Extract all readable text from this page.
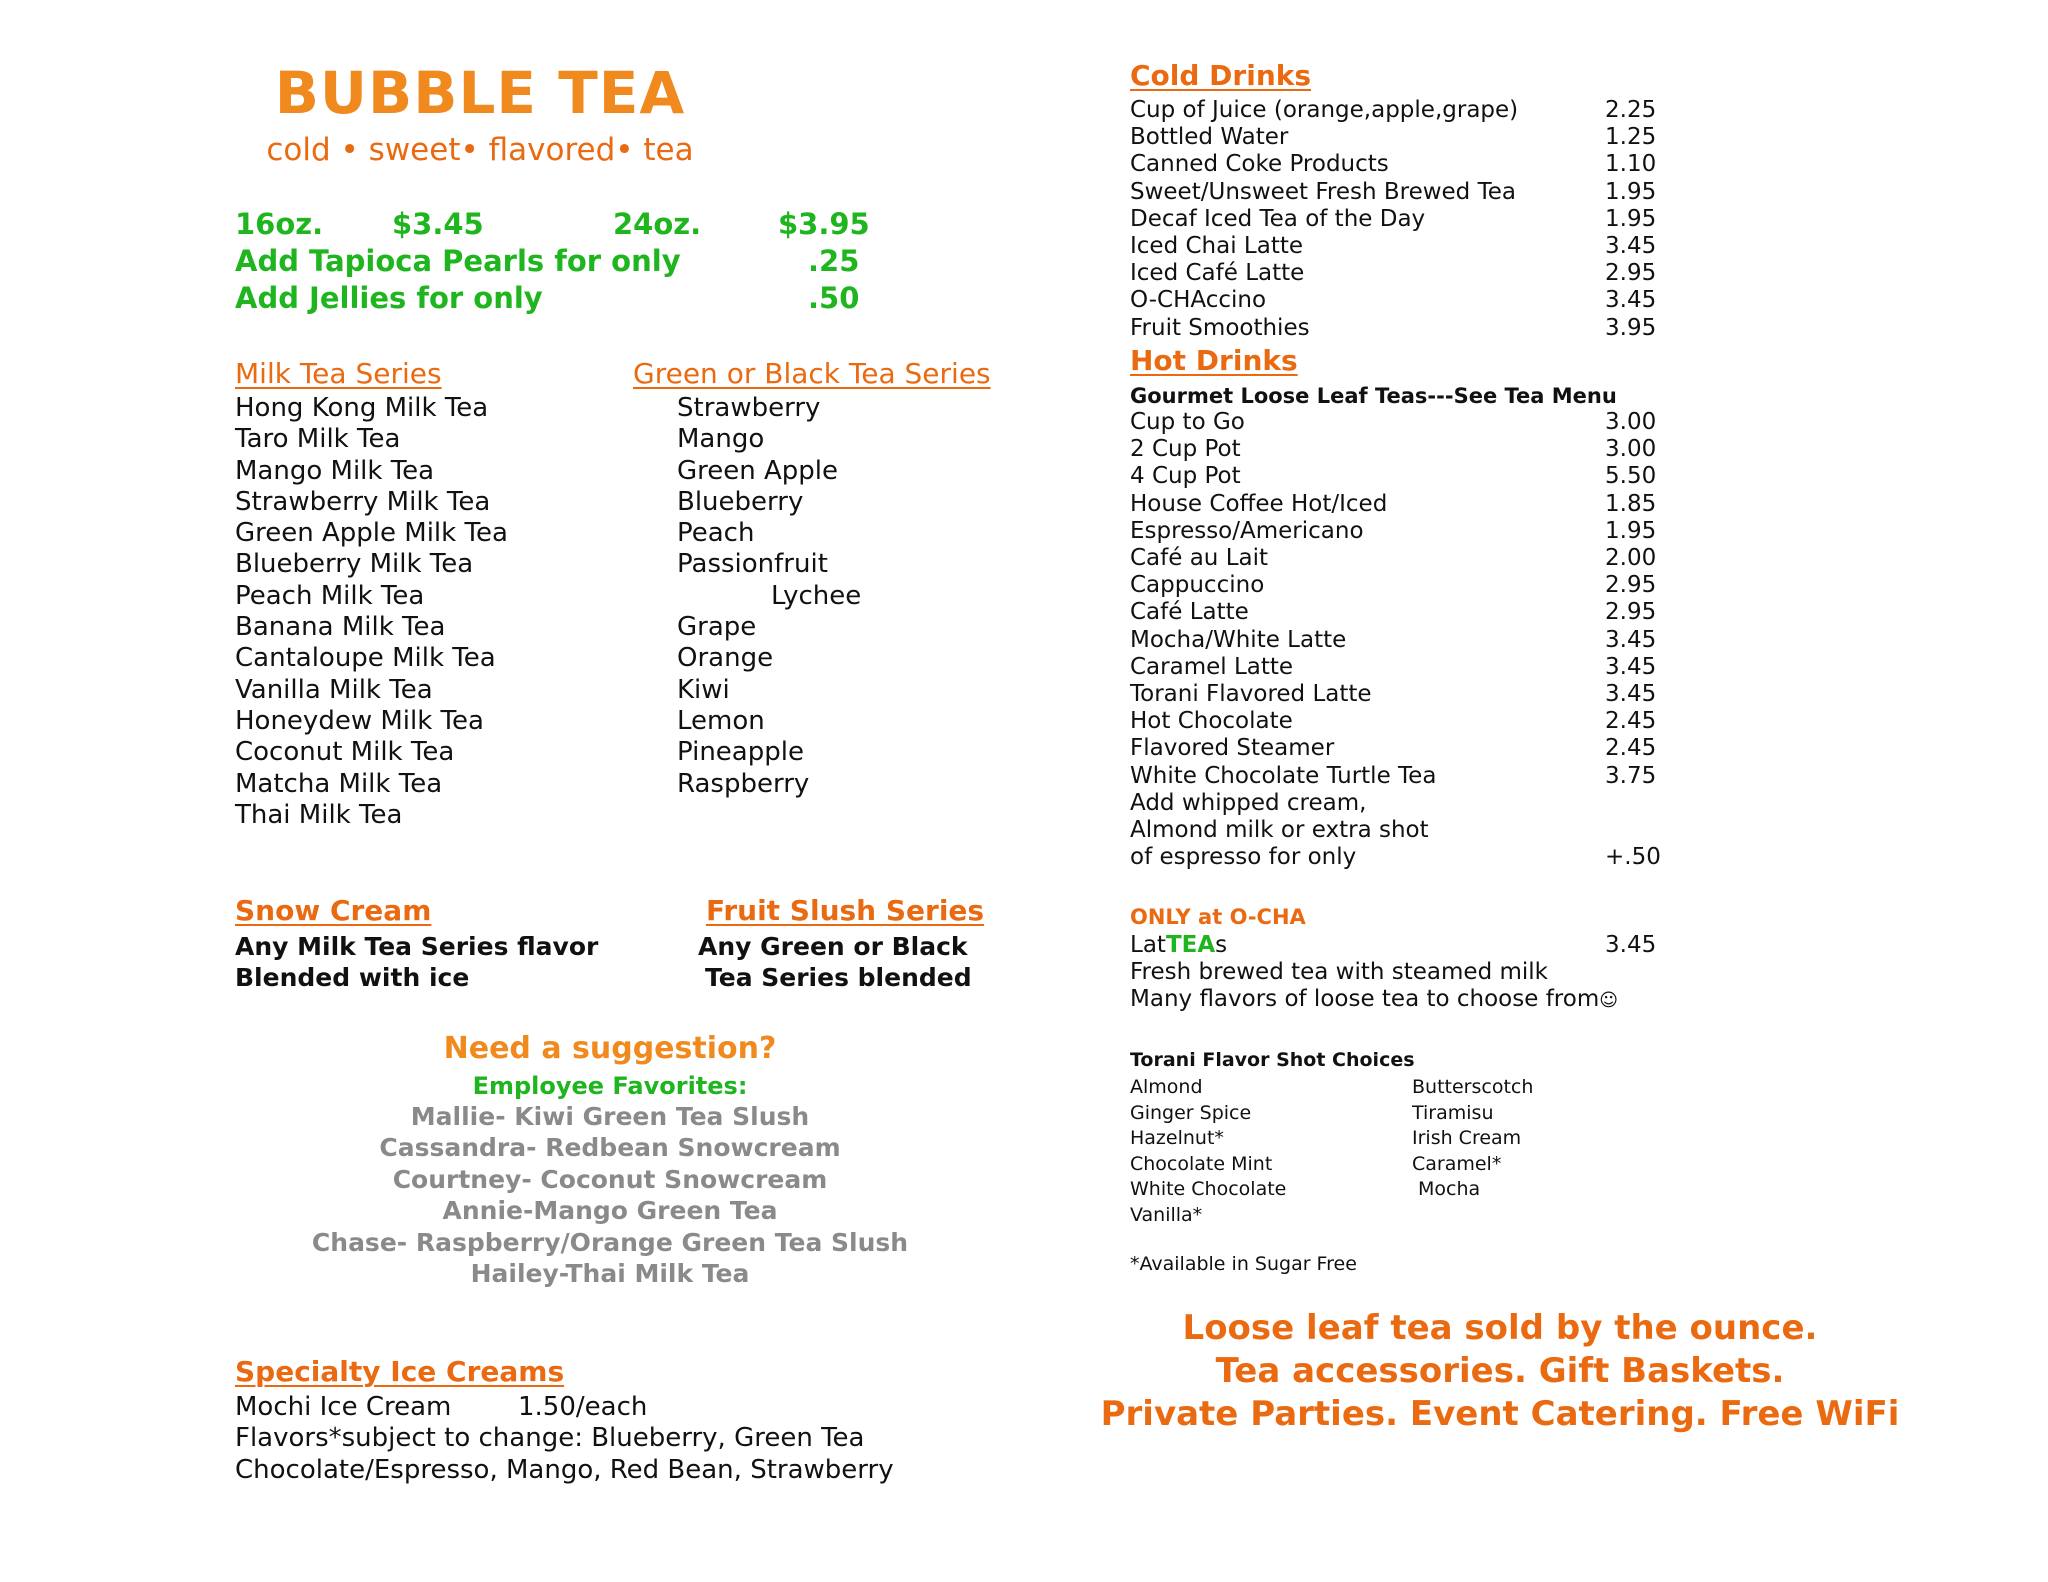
BUBBLE TEA
cold • sweet• flavored• tea
16oz. $3.45	24oz.	$3.95
Add Tapioca Pearls for only	.25
Add Jellies for only	.50
Milk Tea Series
Hong Kong Milk Tea
Taro Milk Tea
Mango Milk Tea
Strawberry Milk Tea
Green Apple Milk Tea
Blueberry Milk Tea
Peach Milk Tea
Banana Milk Tea
Cantaloupe Milk Tea
Vanilla Milk Tea
Honeydew Milk Tea
Coconut Milk Tea
Matcha Milk Tea
Thai Milk Tea
Green or Black Tea Series
Strawberry
Mango
Green Apple
Blueberry
Peach
Passionfruit
Lychee
Grape
Orange
Kiwi
Lemon
Pineapple
Raspberry
Snow Cream
Any Milk Tea Series flavor
Blended with ice
Fruit Slush Series
Any Green or Black
Tea Series blended
Need a suggestion?
Employee Favorites:
Mallie- Kiwi Green Tea Slush
Cassandra- Redbean Snowcream
Courtney- Coconut Snowcream
Annie-Mango Green Tea
Chase- Raspberry/Orange Green Tea Slush
Hailey-Thai Milk Tea
Specialty Ice Creams
Mochi Ice Cream	1.50/each
Flavors*subject to change: Blueberry, Green Tea
Chocolate/Espresso, Mango, Red Bean, Strawberry
Cold Drinks
Cup of Juice (orange,apple,grape)	2.25
Bottled Water	1.25
Canned Coke Products	1.10
Sweet/Unsweet Fresh Brewed Tea	1.95
Decaf Iced Tea of the Day	1.95
Iced Chai Latte	3.45
Iced Café Latte	2.95
O-CHAccino	3.45
Fruit Smoothies	3.95
Hot Drinks
Gourmet Loose Leaf Teas---See Tea Menu
Cup to Go	3.00
2 Cup Pot	3.00
4 Cup Pot	5.50
House Coffee Hot/Iced	1.85
Espresso/Americano	1.95
Café au Lait	2.00
Cappuccino	2.95
Café Latte	2.95
Mocha/White Latte	3.45
Caramel Latte	3.45
Torani Flavored Latte	3.45
Hot Chocolate	2.45
Flavored Steamer	2.45
White Chocolate Turtle Tea	3.75
Add whipped cream,
Almond milk or extra shot
of espresso for only	+.50
ONLY at O-CHA
LatTEAs	3.45
Fresh brewed tea with steamed milk
Many flavors of loose tea to choose from☺
Torani Flavor Shot Choices
Almond
Ginger Spice
Hazelnut*
Chocolate Mint
White Chocolate
Vanilla*
Butterscotch
Tiramisu
Irish Cream
Caramel*
Mocha
*Available in Sugar Free
Loose leaf tea sold by the ounce.
Tea accessories. Gift Baskets.
Private Parties. Event Catering. Free WiFi
